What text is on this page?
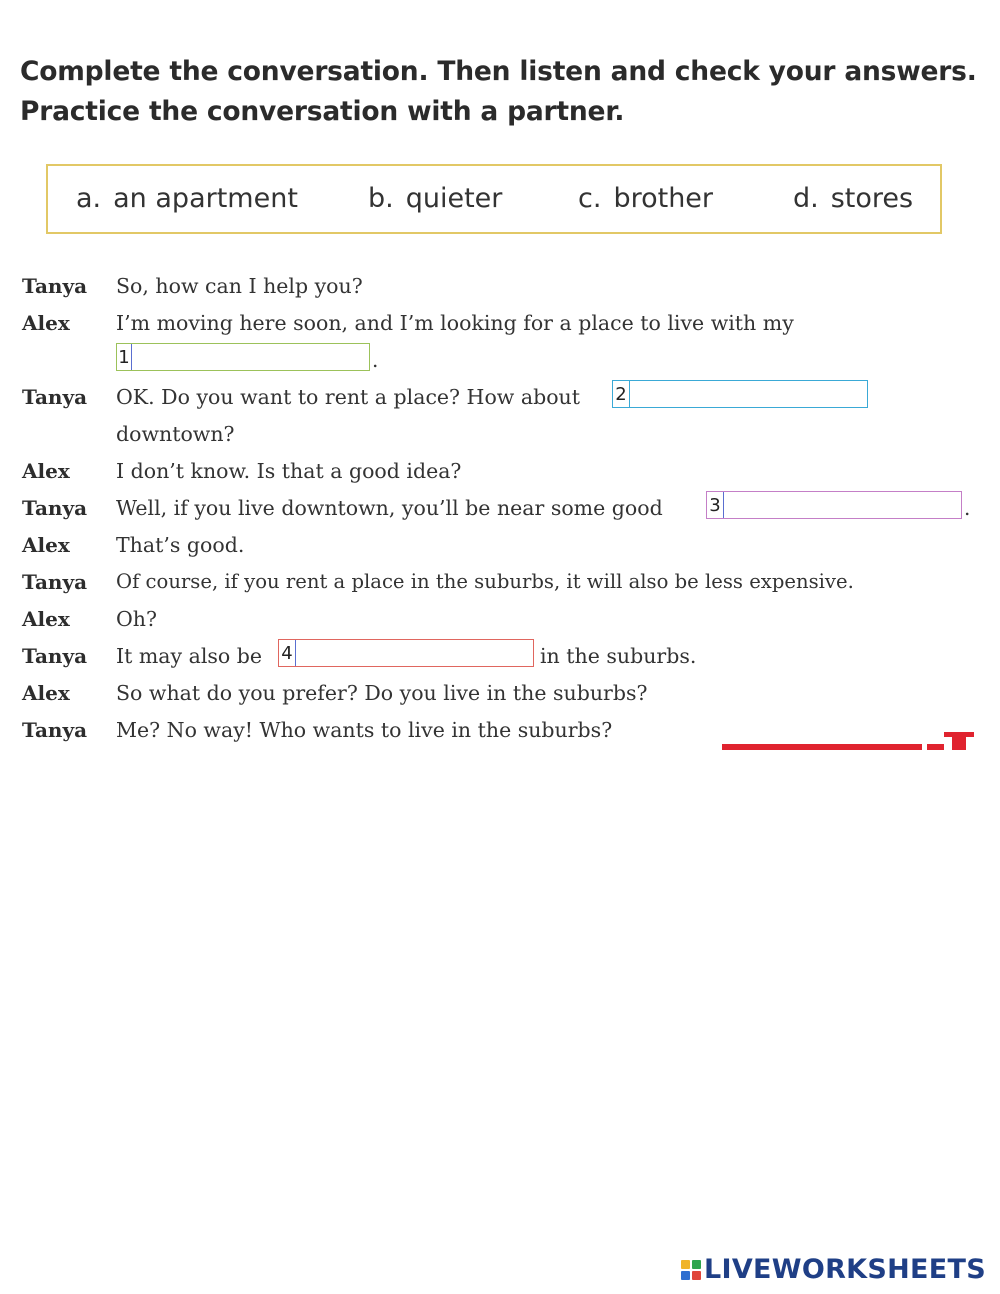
Complete the conversation. Then listen and check your answers.
Practice the conversation with a partner.
a. an apartment	b. quieter	c. brother	d. stores
Tanya So, how can I help you?
Alex I’m moving here soon, and I’m looking for a place to live with my
1	.
Tanya OK. Do you want to rent a place? How about 2
downtown?
Alex I don’t know. Is that a good idea?
Tanya Well, if you live downtown, you’ll be near some good	3	.
Alex That’s good.
Tanya Of course, if you rent a place in the suburbs, it will also be less expensive.
Alex Oh?
Tanya It may also be 4	in the suburbs.
Alex So what do you prefer? Do you live in the suburbs?
Tanya Me? No way! Who wants to live in the suburbs?
LIVEWORKSHEETS
